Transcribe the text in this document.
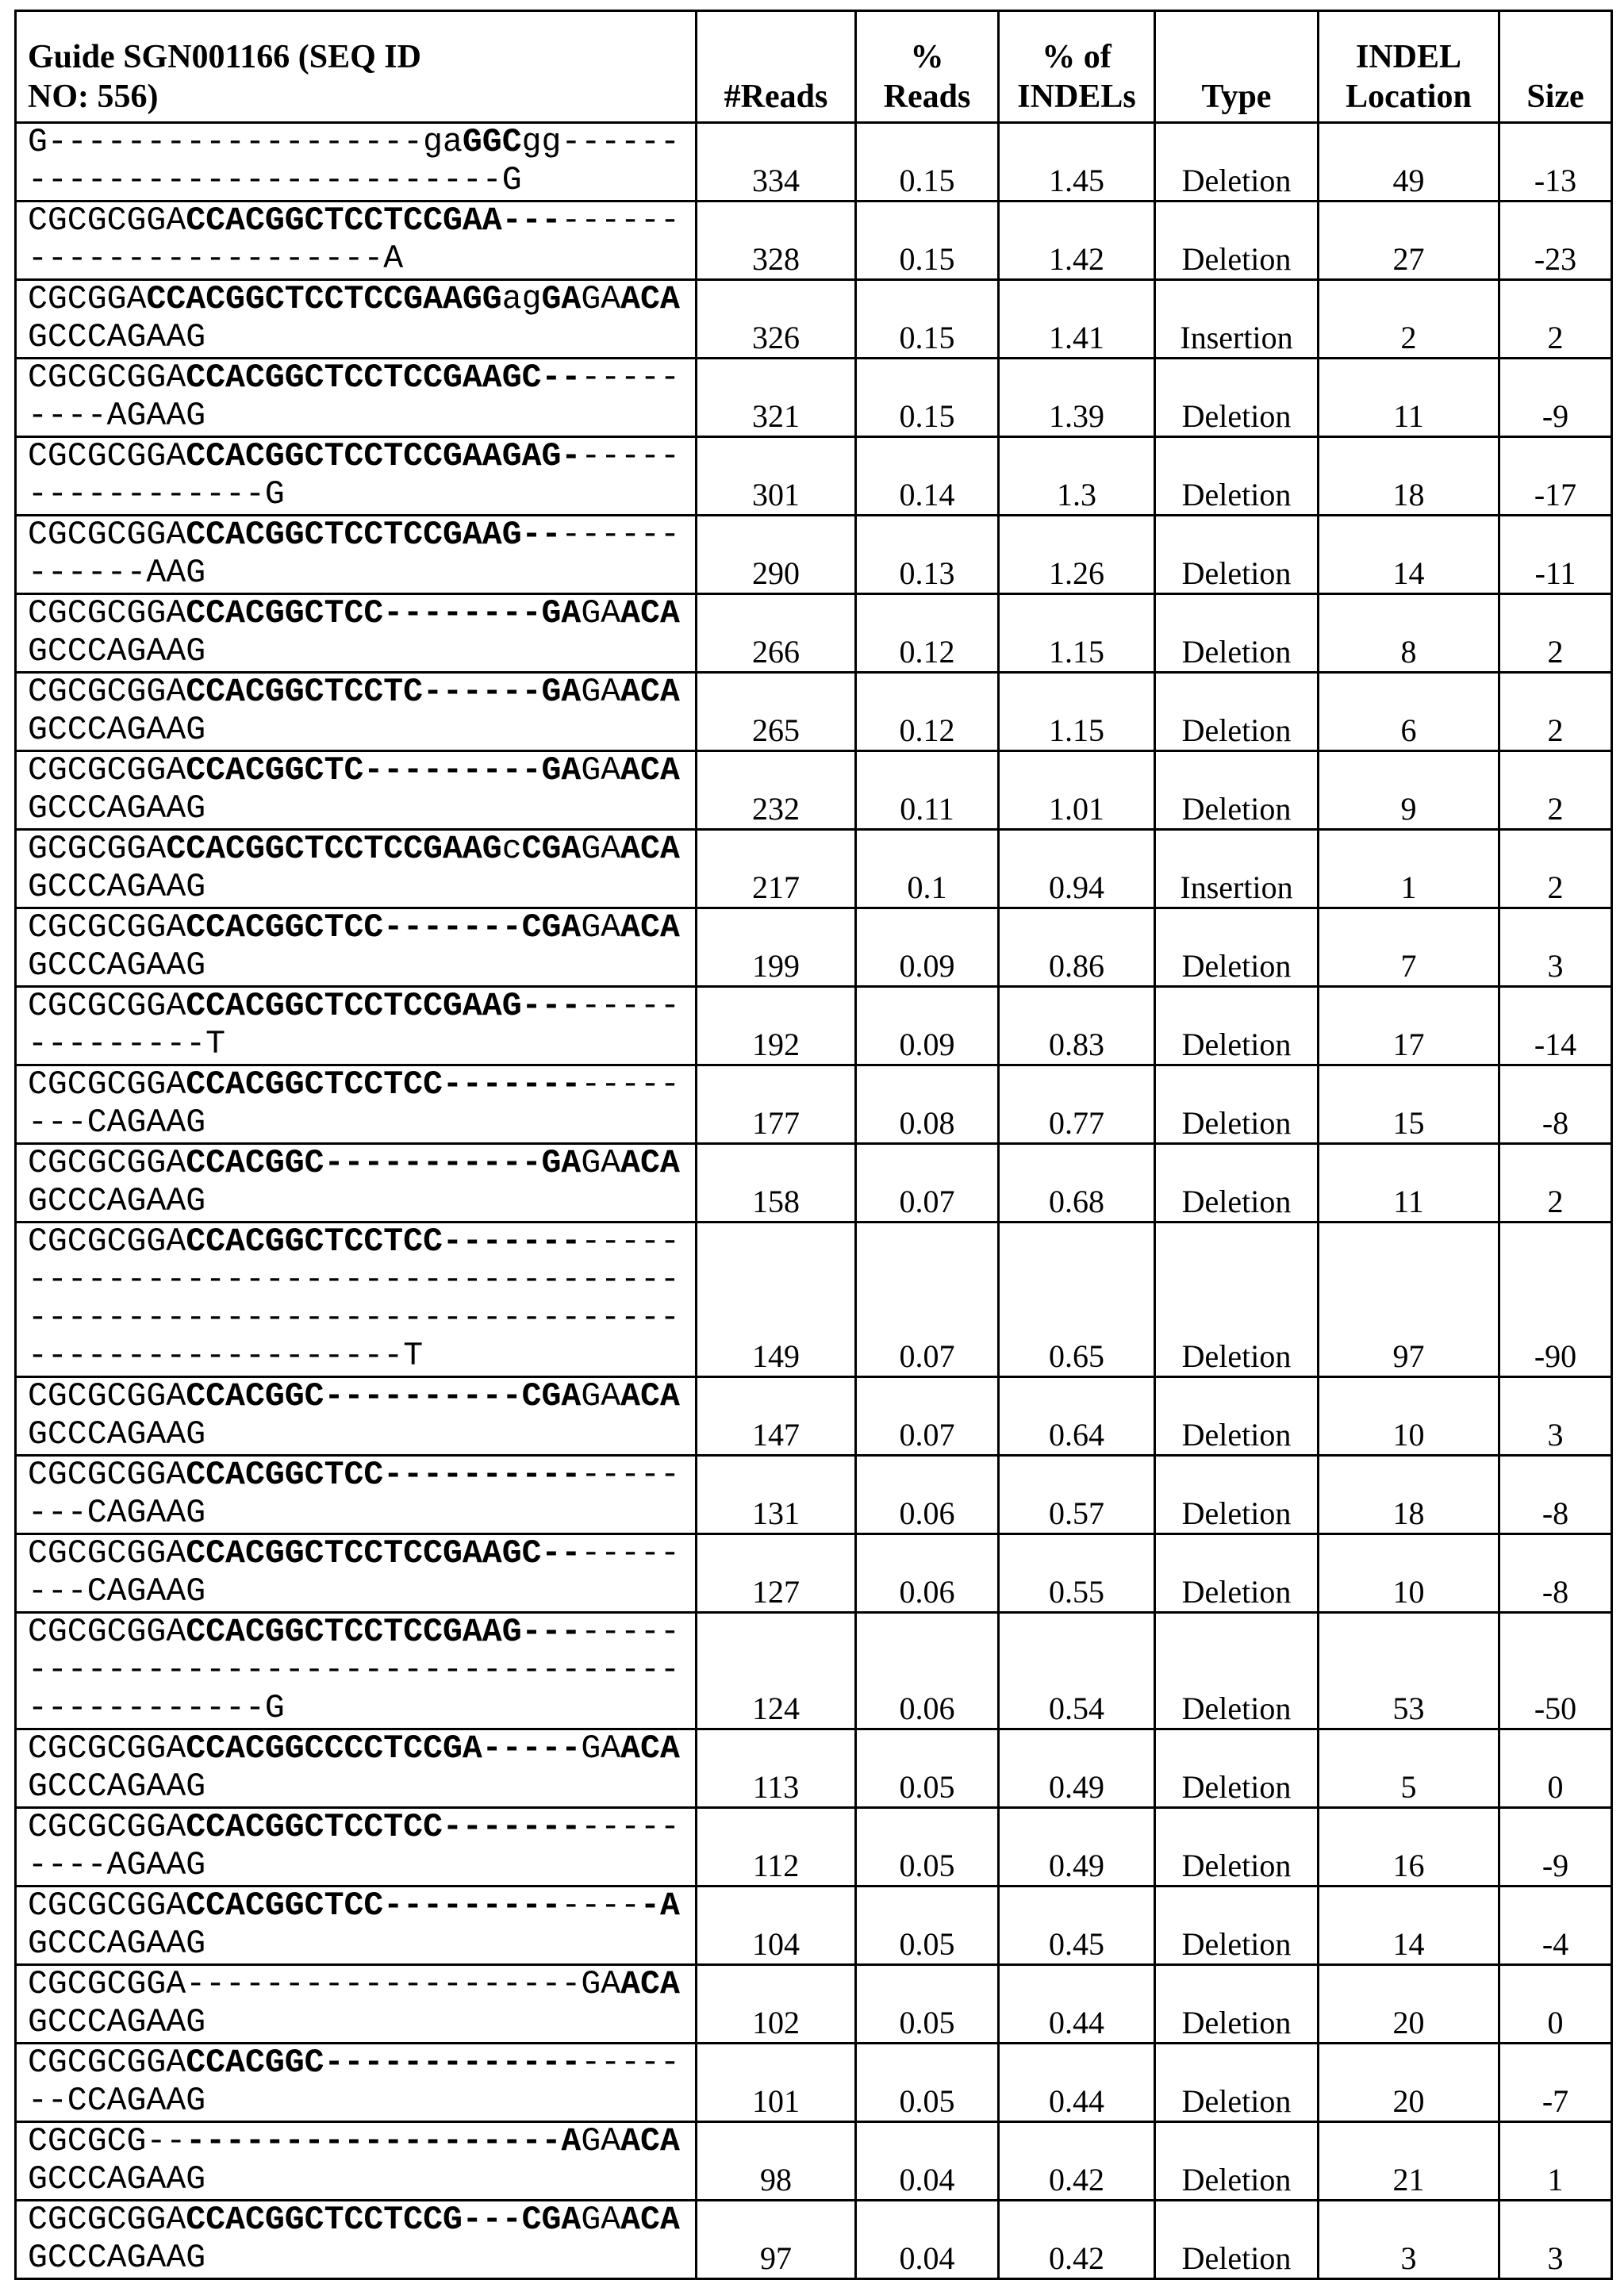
Guide SGN001166 (SEQ ID
NO: 556)	#Reads	%
Reads	% of
INDELs	Type	INDEL
Location	Size

G-------------------gaGGCgg------
------------------------G	334	0.15	1.45	Deletion	49	-13

CGCGCGGACCACGGCTCCTCCGAA---------
------------------A	328	0.15	1.42	Deletion	27	-23

CGCGGACCACGGCTCCTCCGAAGGagGAGAACA
GCCCAGAAG	326	0.15	1.41	Insertion	2	2

CGCGCGGACCACGGCTCCTCCGAAGC-------
----AGAAG	321	0.15	1.39	Deletion	11	-9

CGCGCGGACCACGGCTCCTCCGAAGAG------
------------G	301	0.14	1.3	Deletion	18	-17

CGCGCGGACCACGGCTCCTCCGAAG--------
------AAG	290	0.13	1.26	Deletion	14	-11

CGCGCGGACCACGGCTCC--------GAGAACA
GCCCAGAAG	266	0.12	1.15	Deletion	8	2

CGCGCGGACCACGGCTCCTC------GAGAACA
GCCCAGAAG	265	0.12	1.15	Deletion	6	2

CGCGCGGACCACGGCTC---------GAGAACA
GCCCAGAAG	232	0.11	1.01	Deletion	9	2

GCGCGGACCACGGCTCCTCCGAAGcCGAGAACA
GCCCAGAAG	217	0.1	0.94	Insertion	1	2

CGCGCGGACCACGGCTCC-------CGAGAACA
GCCCAGAAG	199	0.09	0.86	Deletion	7	3

CGCGCGGACCACGGCTCCTCCGAAG--------
---------T	192	0.09	0.83	Deletion	17	-14

CGCGCGGACCACGGCTCCTCC------------
---CAGAAG	177	0.08	0.77	Deletion	15	-8

CGCGCGGACCACGGC-----------GAGAACA
GCCCAGAAG	158	0.07	0.68	Deletion	11	2

CGCGCGGACCACGGCTCCTCC------------
---------------------------------
---------------------------------
-------------------T	149	0.07	0.65	Deletion	97	-90

CGCGCGGACCACGGC----------CGAGAACA
GCCCAGAAG	147	0.07	0.64	Deletion	10	3

CGCGCGGACCACGGCTCC---------------
---CAGAAG	131	0.06	0.57	Deletion	18	-8

CGCGCGGACCACGGCTCCTCCGAAGC-------
---CAGAAG	127	0.06	0.55	Deletion	10	-8

CGCGCGGACCACGGCTCCTCCGAAG--------
---------------------------------
------------G	124	0.06	0.54	Deletion	53	-50

CGCGCGGACCACGGCCCCTCCGA-----GAACA
GCCCAGAAG	113	0.05	0.49	Deletion	5	0

CGCGCGGACCACGGCTCCTCC------------
----AGAAG	112	0.05	0.49	Deletion	16	-9

CGCGCGGACCACGGCTCC--------------A
GCCCAGAAG	104	0.05	0.45	Deletion	14	-4

CGCGCGGA--------------------GAACA
GCCCAGAAG	102	0.05	0.44	Deletion	20	0

CGCGCGGACCACGGC------------------
--CCAGAAG	101	0.05	0.44	Deletion	20	-7

CGCGCG---------------------AGAACA
GCCCAGAAG	98	0.04	0.42	Deletion	21	1

CGCGCGGACCACGGCTCCTCCG---CGAGAACA
GCCCAGAAG	97	0.04	0.42	Deletion	3	3
